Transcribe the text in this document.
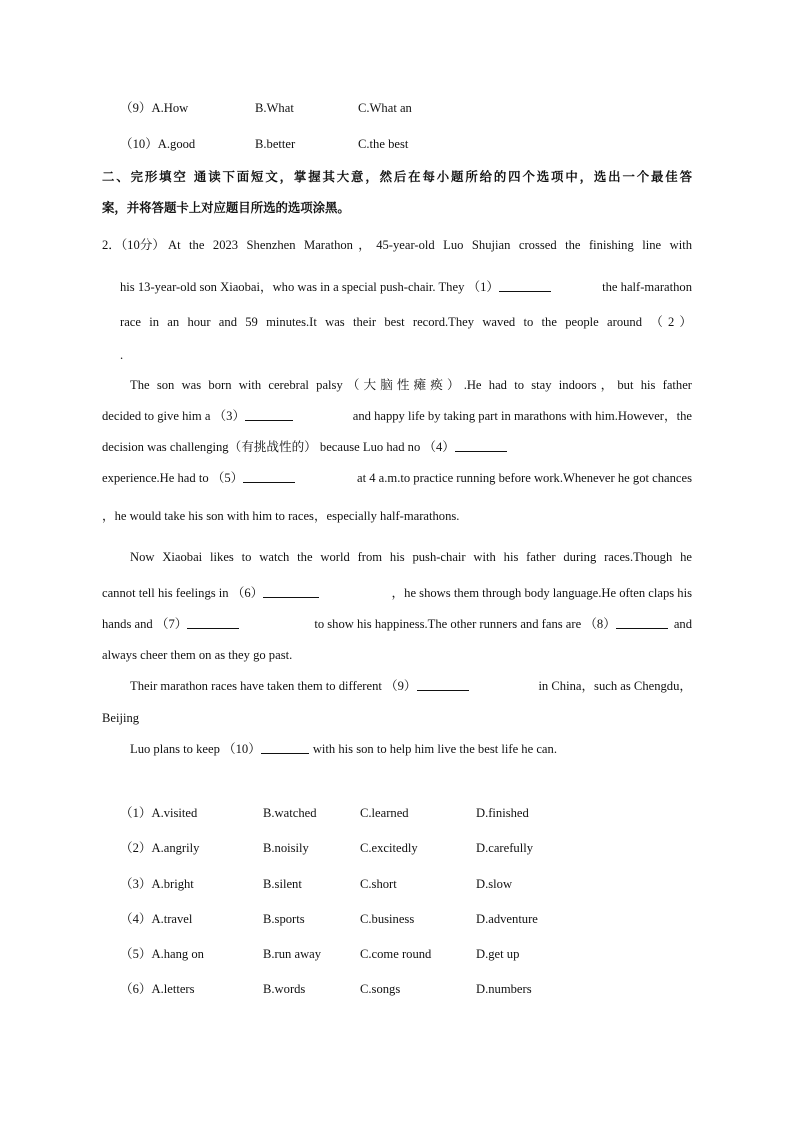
（9）A.How	B.What	C.What an
（10）A.good	B.better	C.the best
二、完形填空 通读下面短文，掌握其大意，然后在每小题所给的四个选项中，选出一个最佳答
案，并将答题卡上对应题目所选的选项涂黑。
2．（10分） At the 2023 Shenzhen Marathon，45-year-old Luo Shujian crossed the finishing line with
his 13-year-old son Xiaobai，who was in a special push-chair. They （1）	the half-marathon
race in an hour and 59 minutes.It was their best record.They waved to the people around （2）
.
The son was born with cerebral palsy（大脑性瘫痪）.He had to stay indoors，but his father
decided to give him a （3）	and happy life by taking part in marathons with him.However，the
decision was challenging（有挑战性的） because Luo had no （4）
experience.He had to （5）	at 4 a.m.to practice running before work.Whenever he got chances
，he would take his son with him to races，especially half-marathons.
Now Xiaobai likes to watch the world from his push-chair with his father during races.Though he
cannot tell his feelings in （6）	，he shows them through body language.He often claps his
hands and （7）	to show his happiness.The other runners and fans are （8）	and
always cheer them on as they go past.
Their marathon races have taken them to different （9）	in China，such as Chengdu，
Beijing
Luo plans to keep （10）	with his son to help him live the best life he can.
（1）A.visited	B.watched	C.learned	D.finished
（2）A.angrily	B.noisily	C.excitedly	D.carefully
（3）A.bright	B.silent	C.short	D.slow
（4）A.travel	B.sports	C.business	D.adventure
（5）A.hang on	B.run away	C.come round	D.get up
（6）A.letters	B.words	C.songs	D.numbers
